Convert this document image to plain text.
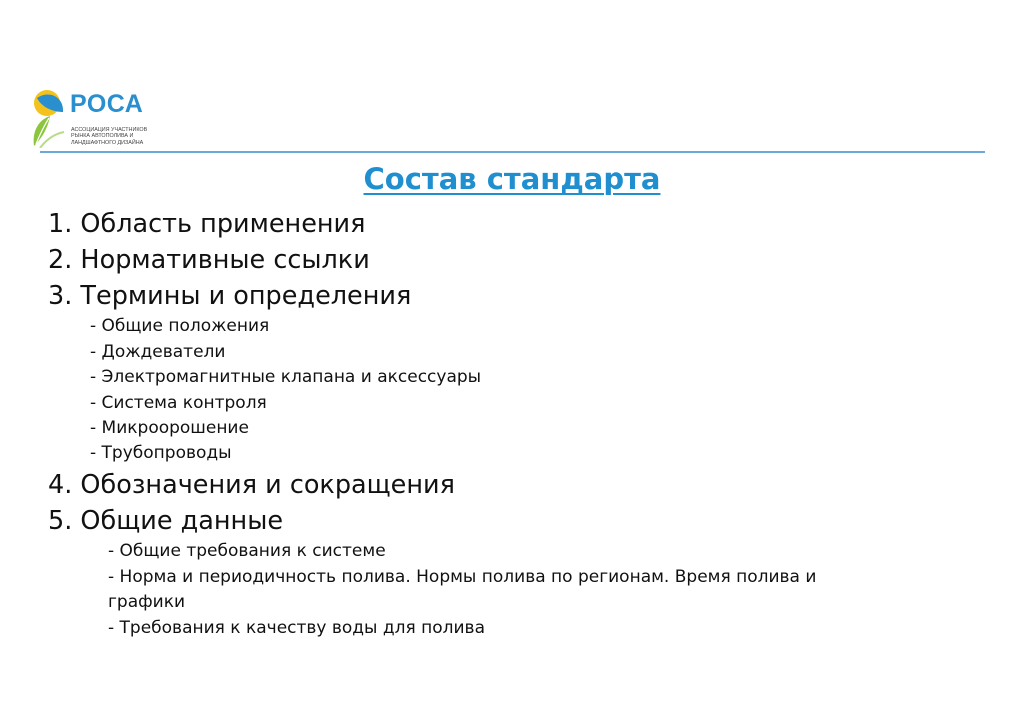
РОСА
АССОЦИАЦИЯ УЧАСТНИКОВ
РЫНКА АВТОПОЛИВА И
ЛАНДШАФТНОГО ДИЗАЙНА
Состав стандарта
1. Область применения
2. Нормативные ссылки
3. Термины и определения
- Общие положения
- Дождеватели
- Электромагнитные клапана и аксессуары
- Система контроля
- Микроорошение
- Трубопроводы
4. Обозначения и сокращения
5. Общие данные
- Общие требования к системе
- Норма и периодичность полива. Нормы полива по регионам. Время полива и
графики
- Требования к качеству воды для полива
